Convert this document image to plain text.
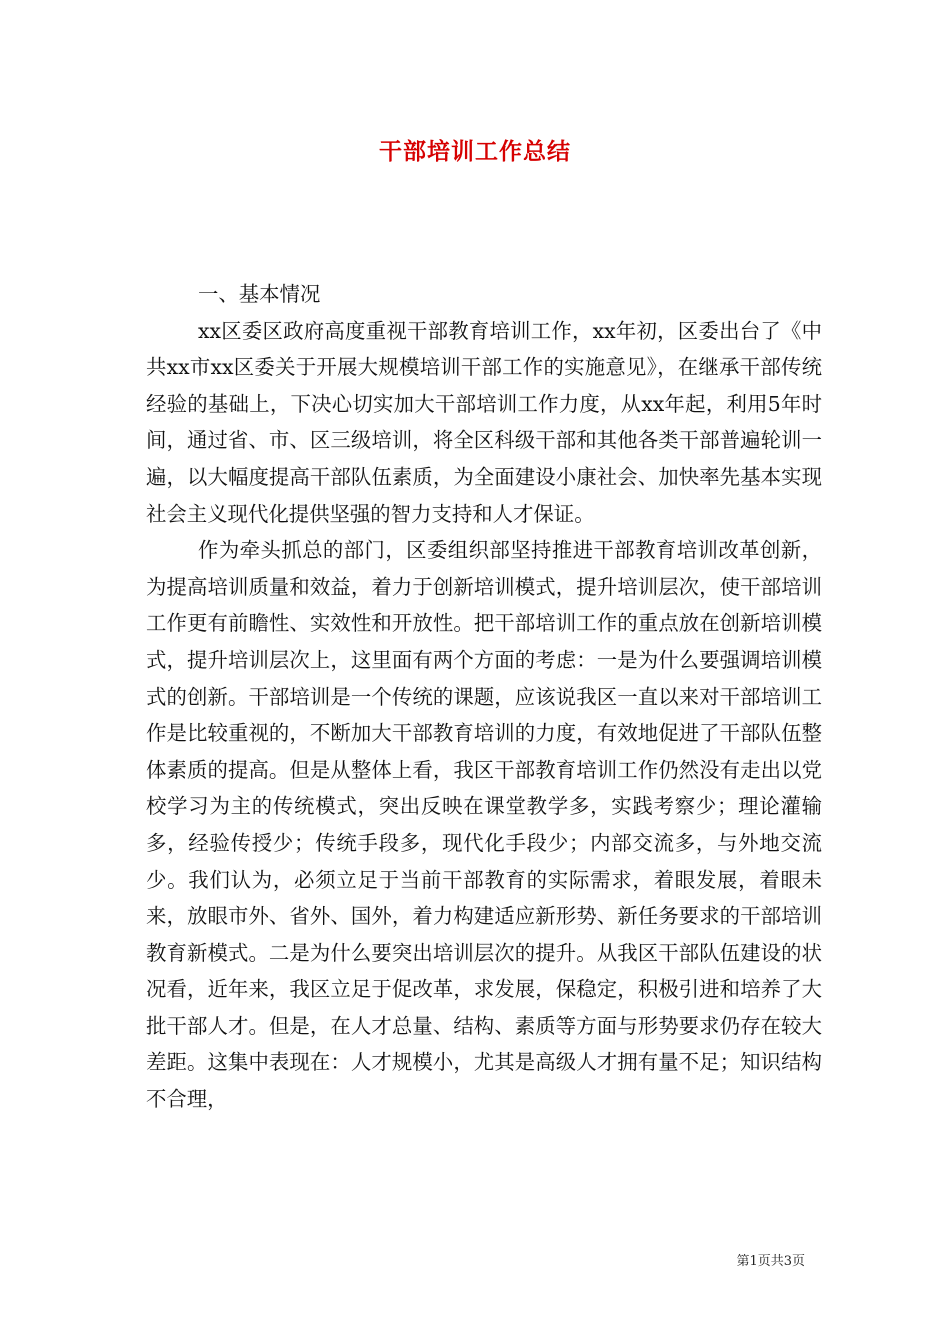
干部培训工作总结

一、基本情况

xx区委区政府高度重视干部教育培训工作，xx年初，区委出台了《中共xx市xx区委关于开展大规模培训干部工作的实施意见》，在继承干部传统经验的基础上，下决心切实加大干部培训工作力度，从xx年起，利用5年时间，通过省、市、区三级培训，将全区科级干部和其他各类干部普遍轮训一遍，以大幅度提高干部队伍素质，为全面建设小康社会、加快率先基本实现社会主义现代化提供坚强的智力支持和人才保证。

作为牵头抓总的部门，区委组织部坚持推进干部教育培训改革创新，为提高培训质量和效益，着力于创新培训模式，提升培训层次，使干部培训工作更有前瞻性、实效性和开放性。把干部培训工作的重点放在创新培训模式，提升培训层次上，这里面有两个方面的考虑：一是为什么要强调培训模式的创新。干部培训是一个传统的课题，应该说我区一直以来对干部培训工作是比较重视的，不断加大干部教育培训的力度，有效地促进了干部队伍整体素质的提高。但是从整体上看，我区干部教育培训工作仍然没有走出以党校学习为主的传统模式，突出反映在课堂教学多，实践考察少；理论灌输多，经验传授少；传统手段多，现代化手段少；内部交流多，与外地交流少。我们认为，必须立足于当前干部教育的实际需求，着眼发展，着眼未来，放眼市外、省外、国外，着力构建适应新形势、新任务要求的干部培训教育新模式。二是为什么要突出培训层次的提升。从我区干部队伍建设的状况看，近年来，我区立足于促改革，求发展，保稳定，积极引进和培养了大批干部人才。但是，在人才总量、结构、素质等方面与形势要求仍存在较大差距。这集中表现在：人才规模小，尤其是高级人才拥有量不足；知识结构不合理，

第1页共3页
